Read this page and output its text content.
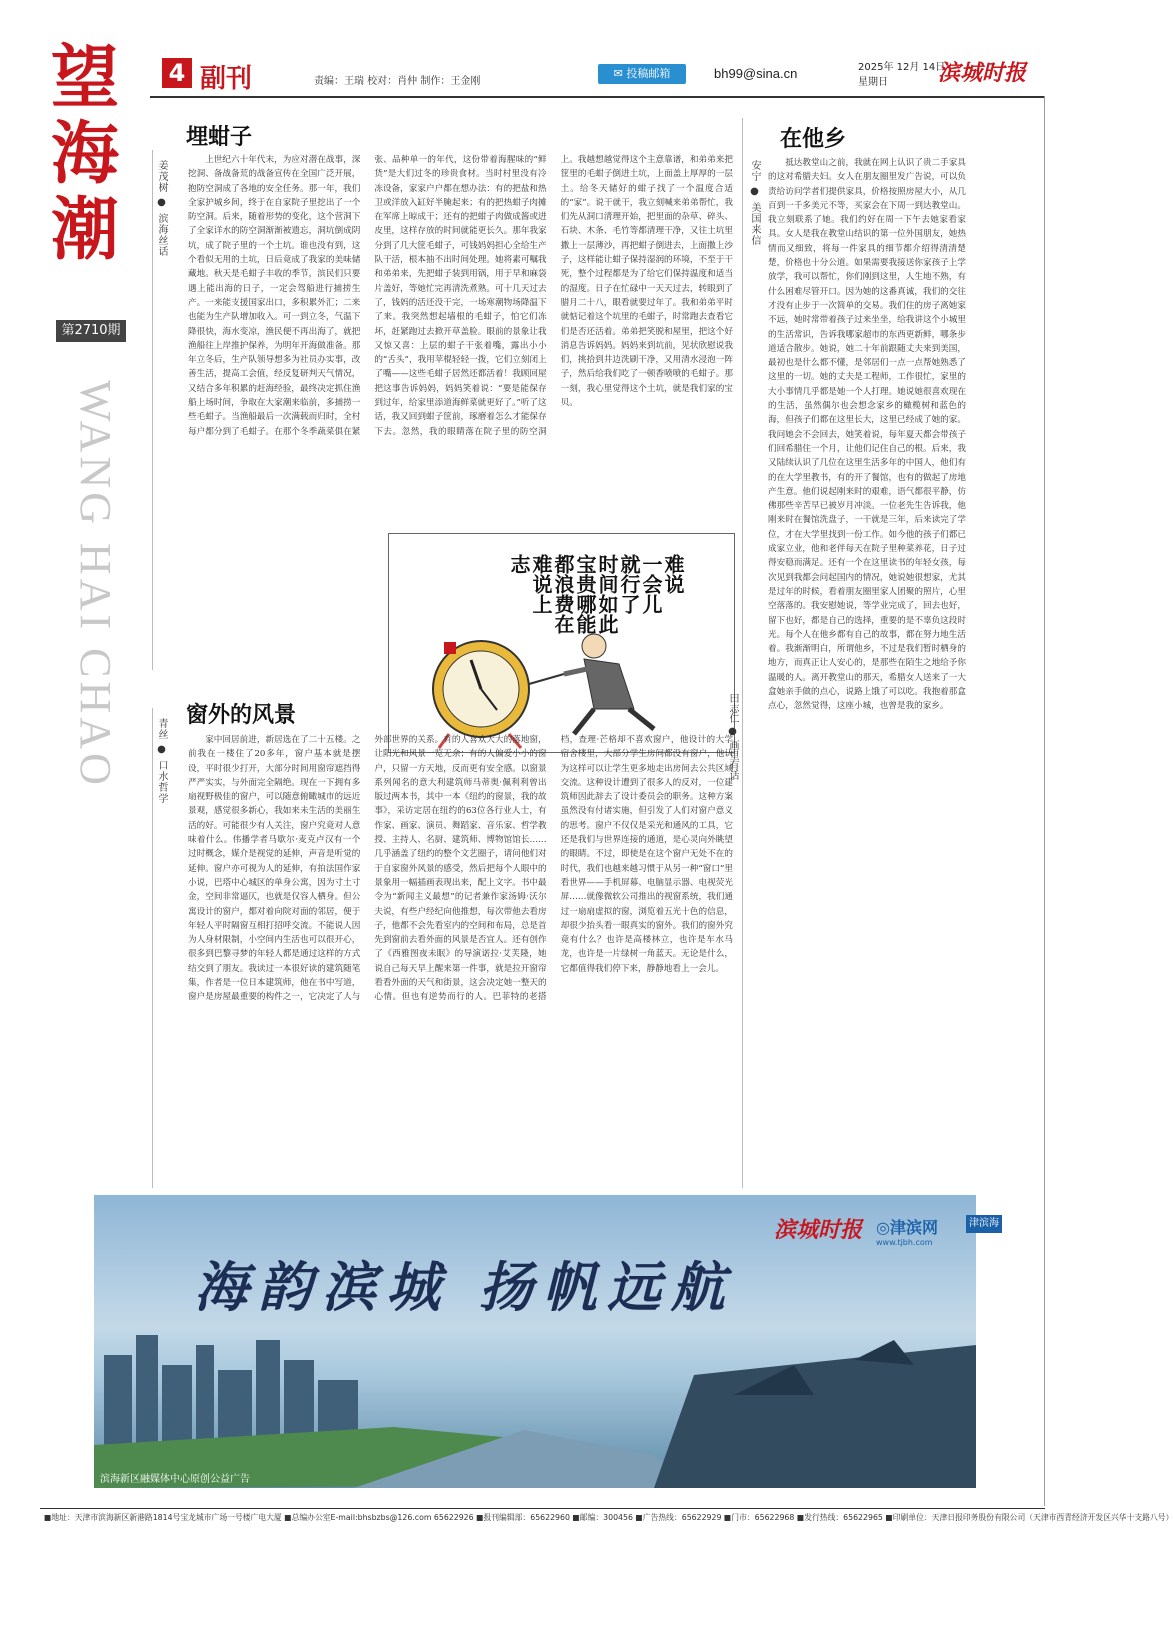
望海潮
第2710期
WANG HAI CHAO
4 副刊	责编：王瑞 校对：肖仲 制作：王金刚
✉ 投稿邮箱	bh99@sina.cn	2025年 12月 14日
星期日	滨城时报
埋蚶子
姜茂树 ● 滨海丝话	上世纪六十年代末，为应对潜在战事，深挖洞、备战备荒的战备宣传在全国广泛开展，抱防空洞成了各地的安全任务。那一年，我们全家护城乡间，终于在自家院子里挖出了一个防空洞。后来，随着形势的变化，这个营洞下了全家详水的防空洞渐渐被遗忘，洞坑倒成阴坑，成了院子里的一个土坑。谁也没有到，这个看似无用的土坑，日后竟成了我家的美味储藏地。秋天是毛蚶子丰收的季节，滨民们只要遇上能出海的日子，一定会驾船进行捕捞生产。一来能支援国家出口，多积累外汇；二来也能为生产队增加收入。可一到立冬，气温下降很快，海水变凉，渔民便不再出海了，就把渔船往上岸推护保养，为明年开海做准备。那年立冬后，生产队领导想多为社员办实事，改善生活，提高工会值，经反复研判天气情况，又结合多年积累的赶海经验，最终决定抓住渔船上场时间，争取在大家潮来临前，多捕捞一些毛蚶子。当渔船最后一次满载而归时，全村每户都分到了毛蚶子。在那个冬季蔬菜俱在紧张、品种单一的年代，这份带着海腥味的“鲜货”是大们过冬的珍贵食材。当时村里没有冷冻设备，家家户户都在想办法：有的把盐和热卫或洋放入缸好半腌起来；有的把热蚶子肉摊在军席上晾成干；还有的把蚶子肉做成酱或进皮里，这样存放的时间就能更长久。那年我家分到了几大筐毛蚶子，可钱妈妈担心全给生产队干活，根本抽不出时间处理。她将素可嘱我和弟弟来，先把蚶子装到用锅，用于早和麻袋片盖好，等她忙完再清洗煮熟。可十几天过去了，钱妈的活还没干完，一场寒潮物场降温下了来。我突然想起墙根的毛蚶子，怕它们冻坏，赶紧跑过去掀开草盖脸。眼前的景象让我又惊又喜：上层的蚶子干张着嘴，露出小小的“舌头”，我用苹棍轻轻一拨，它们立刻闭上了嘴——这些毛蚶子居然还都活着！我顾回屋把这事告诉妈妈，妈妈笑着说：“要是能保存到过年，给家里添道海鲜菜就更好了。”听了这话，我又回到蚶子筐前，琢磨着怎么才能保存下去。忽然，我的眼睛落在院子里的防空洞上。我越想越觉得这个主意靠谱，和弟弟来把筐里的毛蚶子倒进土坑，上面盖上厚厚的一层土。给冬天储好的蚶子找了一个温度合适的“家”。说干就干，我立刻喊来弟弟帮忙，我们先从洞口清理开始，把里面的杂草、碎头、石块、木条、毛竹等都清理干净，又往土坑里撒上一层薄沙，再把蚶子倒进去，上面撒上沙子，这样能让蚶子保持湿润的环境，不至于干死，整个过程都是为了给它们保持温度和适当的湿度。日子在忙碌中一天天过去，转眼到了腊月二十八，眼看就要过年了。我和弟弟平时就惦记着这个坑里的毛蚶子，时常跑去查看它们是否还活着。弟弟把笑脱和屋里，把这个好消息告诉妈妈。妈妈来到坑前，见状欣慰说我们，挑拾到井边洗刷干净，又用清水浸泡一阵子，然后给我们吃了一顿香喷喷的毛蚶子。那一刻，我心里觉得这个土坑，就是我们家的宝贝。

难说
一会儿
就行了
时间如此
宝贵哪能
都浪费在
难说上
志
田志仁 ● 画里有话
窗外的风景
青丝 ● 口水哲学	家中回居前进，新居选在了二十五楼。之前我在一楼住了20多年，窗户基本就是摆设，平时很少打开，大部分时间用窗帘遮挡得严严实实，与外面完全隔绝。现在一下拥有多扇视野极佳的窗户，可以随意俯瞰城市的远近景观，感觉很多新心，我如来未生活的美丽生活的好。可能很少有人关注，窗户究竟对人意味着什么。伟播学者马歇尔·麦克卢汉有一个过时概念，媒介是视觉的延伸，声音是听觉的延伸。窗户亦可视为人的延伸，有拍法国作家小说，巴塔中心城区的单身公寓，因为寸土寸金，空间非常逼仄，也就是仅容人栖身。但公寓设计的窗户，都对着向院对面的邻居，便于年轻人平时隔窗互相打招呼交流。不能说人因为人身材限制，小空间内生活也可以很开心，很多到巴黎寻梦的年轻人都是通过这样的方式结交到了朋友。我读过一本很好读的建筑随笔集，作者是一位日本建筑师，他在书中写道，窗户是房屋最重要的构件之一，它决定了人与外部世界的关系。有的人喜欢大大的落地窗，让阳光和风景一览无余；有的人偏爱小小的窗户，只留一方天地，反而更有安全感。以窗景系列闻名的意大利建筑师马蒂奥·佩利利曾出版过两本书，其中一本《纽约的窗景，我的故事》，采访定居在纽约的63位各行业人士，有作家、画家、演员、舞蹈家、音乐家、哲学教授、主持人、名厨、建筑师、博物馆馆长……几乎涵盖了纽约的整个文艺圈子，请问他们对于自家窗外风景的感受，然后把每个人眼中的景象用一幅插画表现出来，配上文字。书中最令为“新闻主义最想”的记者兼作家汤姆·沃尔夫说，有些户经纪向他推想，每次带他去看房子，他都不会先看室内的空间和布局，总是首先到窗前去看外面的风景是否宜人。还有创作了《西雅图夜未眠》的导演诺拉·艾芙隆，她说自己每天早上醒来第一件事，就是拉开窗帘看看外面的天气和街景，这会决定她一整天的心情。但也有逆势而行的人。巴菲特的老搭档，查理·芒格却不喜欢窗户，他设计的大学宿舍楼里，大部分学生房间都没有窗户，他认为这样可以让学生更多地走出房间去公共区域交流。这种设计遭到了很多人的反对，一位建筑师因此辞去了设计委员会的职务。这种方案虽然没有付诸实施，但引发了人们对窗户意义的思考。窗户不仅仅是采光和通风的工具，它还是我们与世界连接的通道，是心灵向外眺望的眼睛。不过，即使是在这个窗户无处不在的时代，我们也越来越习惯于从另一种“窗口”里看世界——手机屏幕、电脑显示器、电视荧光屏……就像微软公司推出的视窗系统，我们通过一扇扇虚拟的窗，浏览着五光十色的信息，却很少抬头看一眼真实的窗外。我们的窗外究竟有什么？也许是高楼林立，也许是车水马龙，也许是一片绿树一角蓝天。无论是什么，它都值得我们停下来，静静地看上一会儿。

在他乡
安宁 ● 美国来信	抵达教堂山之前，我就在网上认识了贵二手家具的这对希腊夫妇。女人在朋友圈里发广告说，可以负责给访问学者们提供家具，价格按照房屋大小，从几百到一千多美元不等，买家会在下周一到达教堂山。我立刻联系了她。我们约好在周一下午去她家看家具。女人是我在教堂山结识的第一位外国朋友，她热情而又细致，将每一件家具的细节都介绍得清清楚楚，价格也十分公道。如果需要我接送你家孩子上学放学，我可以帮忙，你们刚到这里，人生地不熟，有什么困难尽管开口。因为她的这番真诚，我们的交往才没有止步于一次简单的交易。我们住的房子离她家不远，她时常带着孩子过来坐坐，给我讲这个小城里的生活常识，告诉我哪家超市的东西更新鲜，哪条步道适合散步。她说，她二十年前跟随丈夫来到美国，最初也是什么都不懂，是邻居们一点一点帮她熟悉了这里的一切。她的丈夫是工程师，工作很忙，家里的大小事情几乎都是她一个人打理。她说她很喜欢现在的生活，虽然偶尔也会想念家乡的橄榄树和蓝色的海，但孩子们都在这里长大，这里已经成了她的家。我问她会不会回去，她笑着说，每年夏天都会带孩子们回希腊住一个月，让他们记住自己的根。后来，我又陆续认识了几位在这里生活多年的中国人，他们有的在大学里教书，有的开了餐馆，也有的做起了房地产生意。他们说起刚来时的艰难，语气都很平静，仿佛那些辛苦早已被岁月冲淡。一位老先生告诉我，他刚来时在餐馆洗盘子，一干就是三年，后来读完了学位，才在大学里找到一份工作。如今他的孩子们都已成家立业，他和老伴每天在院子里种菜养花，日子过得安稳而满足。还有一个在这里读书的年轻女孩，每次见到我都会问起国内的情况，她说她很想家，尤其是过年的时候，看着朋友圈里家人团聚的照片，心里空落落的。我安慰她说，等学业完成了，回去也好，留下也好，都是自己的选择，重要的是不辜负这段时光。每个人在他乡都有自己的故事，都在努力地生活着。我渐渐明白，所谓他乡，不过是我们暂时栖身的地方，而真正让人安心的，是那些在陌生之地给予你温暖的人。离开教堂山的那天，希腊女人送来了一大盒她亲手做的点心，说路上饿了可以吃。我抱着那盒点心，忽然觉得，这座小城，也曾是我的家乡。

滨城时报 ◎津滨网
www.tjbh.com
津滨海
海韵滨城 扬帆远航
滨海新区融媒体中心原创公益广告
■地址：天津市滨海新区新港路1814号宝龙城市广场一号楼广电大厦 ■总编办公室E-mail:bhsbzbs@126.com 65622926 ■报刊编辑部：65622960 ■邮编：300456 ■广告热线：65622929 ■门市：65622968 ■发行热线：65622965 ■印刷单位：天津日报印务股份有限公司（天津市西青经济开发区兴华十支路八号）
